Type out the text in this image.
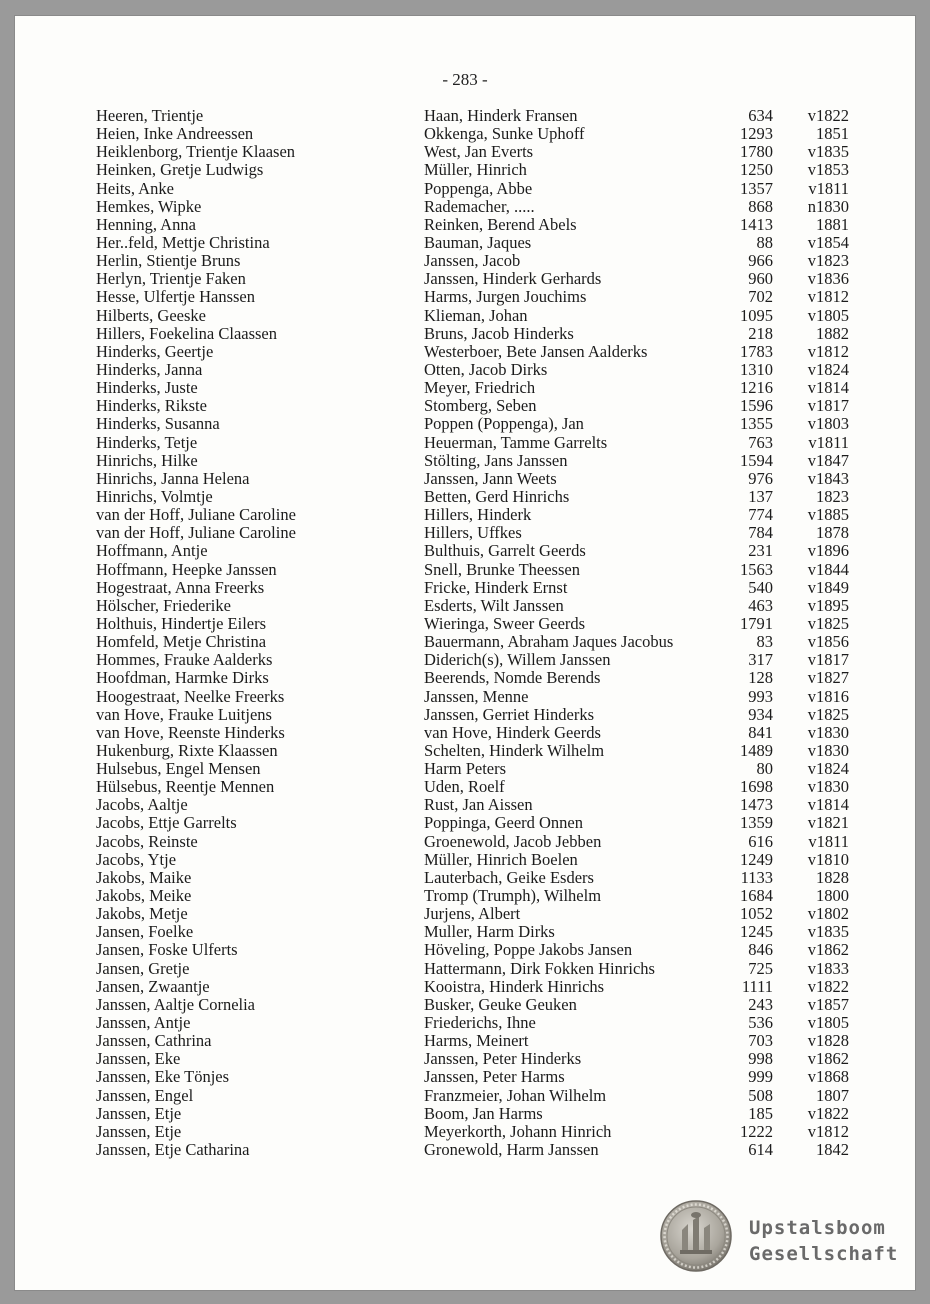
- 283 -
Heeren, Trientje	Haan, Hinderk Fransen	634	v1822
Heien, Inke Andreessen	Okkenga, Sunke Uphoff	1293	1851
Heiklenborg, Trientje Klaasen	West, Jan Everts	1780	v1835
Heinken, Gretje Ludwigs	Müller, Hinrich	1250	v1853
Heits, Anke	Poppenga, Abbe	1357	v1811
Hemkes, Wipke	Rademacher, .....	868	n1830
Henning, Anna	Reinken, Berend Abels	1413	1881
Her..feld, Mettje Christina	Bauman, Jaques	88	v1854
Herlin, Stientje Bruns	Janssen, Jacob	966	v1823
Herlyn, Trientje Faken	Janssen, Hinderk Gerhards	960	v1836
Hesse, Ulfertje Hanssen	Harms, Jurgen Jouchims	702	v1812
Hilberts, Geeske	Klieman, Johan	1095	v1805
Hillers, Foekelina Claassen	Bruns, Jacob Hinderks	218	1882
Hinderks, Geertje	Westerboer, Bete Jansen Aalderks	1783	v1812
Hinderks, Janna	Otten, Jacob Dirks	1310	v1824
Hinderks, Juste	Meyer, Friedrich	1216	v1814
Hinderks, Rikste	Stomberg, Seben	1596	v1817
Hinderks, Susanna	Poppen (Poppenga), Jan	1355	v1803
Hinderks, Tetje	Heuerman, Tamme Garrelts	763	v1811
Hinrichs, Hilke	Stölting, Jans Janssen	1594	v1847
Hinrichs, Janna Helena	Janssen, Jann Weets	976	v1843
Hinrichs, Volmtje	Betten, Gerd Hinrichs	137	1823
van der Hoff, Juliane Caroline	Hillers, Hinderk	774	v1885
van der Hoff, Juliane Caroline	Hillers, Uffkes	784	1878
Hoffmann, Antje	Bulthuis, Garrelt Geerds	231	v1896
Hoffmann, Heepke Janssen	Snell, Brunke Theessen	1563	v1844
Hogestraat, Anna Freerks	Fricke, Hinderk Ernst	540	v1849
Hölscher, Friederike	Esderts, Wilt Janssen	463	v1895
Holthuis, Hindertje Eilers	Wieringa, Sweer Geerds	1791	v1825
Homfeld, Metje Christina	Bauermann, Abraham Jaques Jacobus	83	v1856
Hommes, Frauke Aalderks	Diderich(s), Willem Janssen	317	v1817
Hoofdman, Harmke Dirks	Beerends, Nomde Berends	128	v1827
Hoogestraat, Neelke Freerks	Janssen, Menne	993	v1816
van Hove, Frauke Luitjens	Janssen, Gerriet Hinderks	934	v1825
van Hove, Reenste Hinderks	van Hove, Hinderk Geerds	841	v1830
Hukenburg, Rixte Klaassen	Schelten, Hinderk Wilhelm	1489	v1830
Hulsebus, Engel Mensen	Harm Peters	80	v1824
Hülsebus, Reentje Mennen	Uden, Roelf	1698	v1830
Jacobs, Aaltje	Rust, Jan Aissen	1473	v1814
Jacobs, Ettje Garrelts	Poppinga, Geerd Onnen	1359	v1821
Jacobs, Reinste	Groenewold, Jacob Jebben	616	v1811
Jacobs, Ytje	Müller, Hinrich Boelen	1249	v1810
Jakobs, Maike	Lauterbach, Geike Esders	1133	1828
Jakobs, Meike	Tromp (Trumph), Wilhelm	1684	1800
Jakobs, Metje	Jurjens, Albert	1052	v1802
Jansen, Foelke	Muller, Harm Dirks	1245	v1835
Jansen, Foske Ulferts	Höveling, Poppe Jakobs Jansen	846	v1862
Jansen, Gretje	Hattermann, Dirk Fokken Hinrichs	725	v1833
Jansen, Zwaantje	Kooistra, Hinderk Hinrichs	1111	v1822
Janssen, Aaltje Cornelia	Busker, Geuke Geuken	243	v1857
Janssen, Antje	Friederichs, Ihne	536	v1805
Janssen, Cathrina	Harms, Meinert	703	v1828
Janssen, Eke	Janssen, Peter Hinderks	998	v1862
Janssen, Eke Tönjes	Janssen, Peter Harms	999	v1868
Janssen, Engel	Franzmeier, Johan Wilhelm	508	1807
Janssen, Etje	Boom, Jan Harms	185	v1822
Janssen, Etje	Meyerkorth, Johann Hinrich	1222	v1812
Janssen, Etje Catharina	Gronewold, Harm Janssen	614	1842
Upstalsboom
Gesellschaft
